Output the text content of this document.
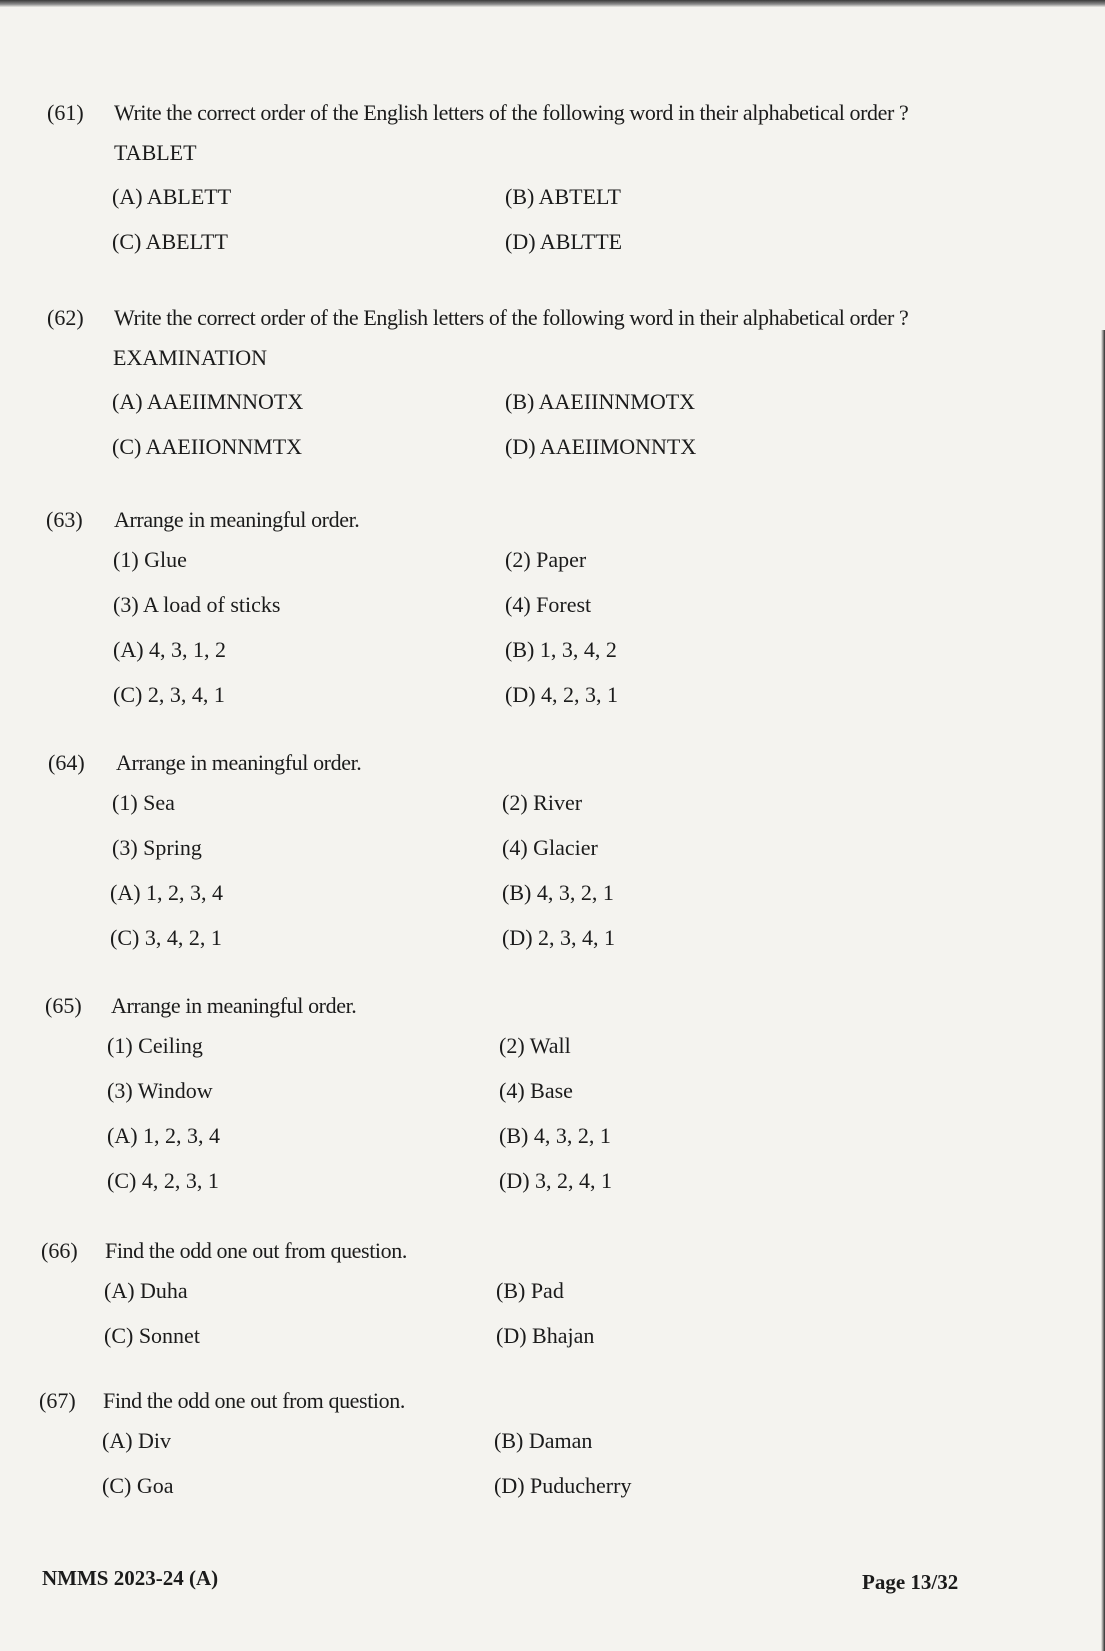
(61) Write the correct order of the English letters of the following word in their alphabetical order ?
TABLET
(A) ABLETT	(B) ABTELT
(C) ABELTT	(D) ABLTTE
(62) Write the correct order of the English letters of the following word in their alphabetical order ?
EXAMINATION
(A) AAEIIMNNOTX	(B) AAEIINNMOTX
(C) AAEIIONNMTX	(D) AAEIIMONNTX
(63) Arrange in meaningful order.
(1) Glue	(2) Paper
(3) A load of sticks	(4) Forest
(A) 4, 3, 1, 2	(B) 1, 3, 4, 2
(C) 2, 3, 4, 1	(D) 4, 2, 3, 1
(64) Arrange in meaningful order.
(1) Sea	(2) River
(3) Spring	(4) Glacier
(A) 1, 2, 3, 4	(B) 4, 3, 2, 1
(C) 3, 4, 2, 1	(D) 2, 3, 4, 1
(65) Arrange in meaningful order.
(1) Ceiling	(2) Wall
(3) Window	(4) Base
(A) 1, 2, 3, 4	(B) 4, 3, 2, 1
(C) 4, 2, 3, 1	(D) 3, 2, 4, 1
(66) Find the odd one out from question.
(A) Duha	(B) Pad
(C) Sonnet	(D) Bhajan
(67) Find the odd one out from question.
(A) Div	(B) Daman
(C) Goa	(D) Puducherry
NMMS 2023-24 (A)	Page 13/32
